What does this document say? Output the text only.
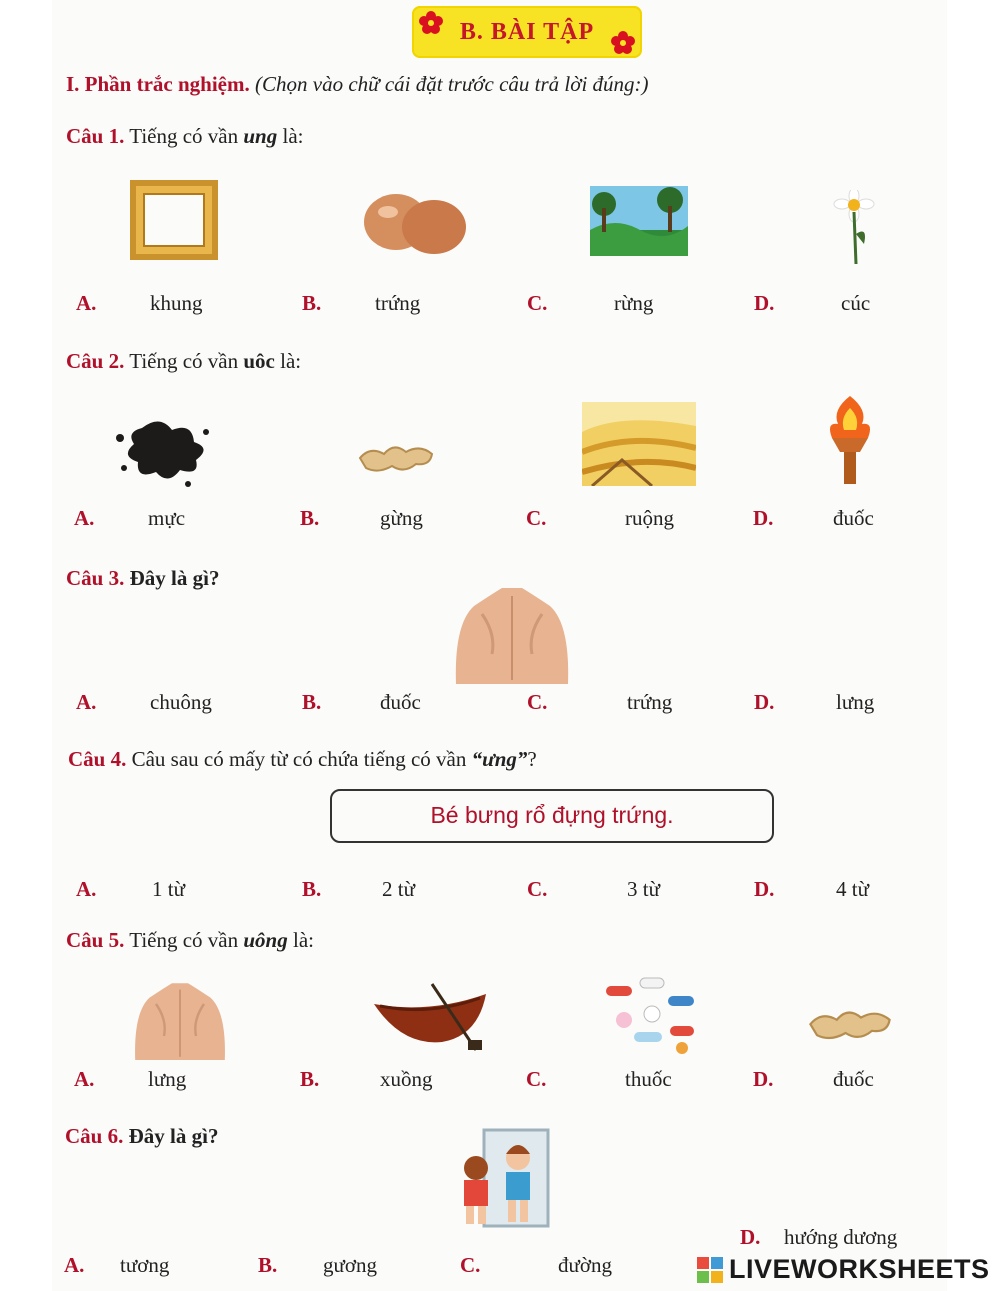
B. BÀI TẬP
I. Phần trắc nghiệm. (Chọn vào chữ cái đặt trước câu trả lời đúng:)
Câu 1. Tiếng có vần ung là:
A.	khung	B.	trứng	C.	rừng	D.	cúc
Câu 2. Tiếng có vần uôc là:
A.	mực	B.	gừng	C.	ruộng	D.	đuốc
Câu 3. Đây là gì?
A.	chuông	B.	đuốc	C.	trứng	D.	lưng
Câu 4. Câu sau có mấy từ có chứa tiếng có vần “ưng”?
Bé bưng rổ đựng trứng.
A.	1 từ	B.	2 từ	C.	3 từ	D.	4 từ
Câu 5. Tiếng có vần uông là:
A.	lưng	B.	xuồng	C.	thuốc	D.	đuốc
Câu 6. Đây là gì?
D. hướng dương
A. tương	B. gương	C.	đường	LIVEWORKSHEETS
